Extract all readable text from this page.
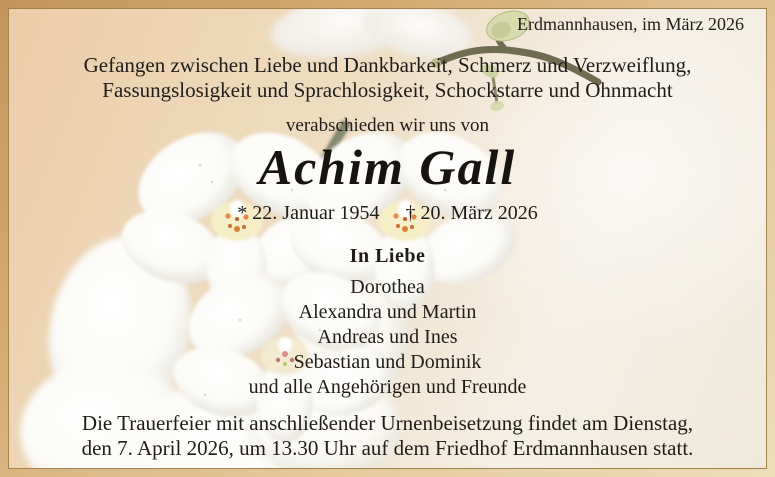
Erdmannhausen, im März 2026
Gefangen zwischen Liebe und Dankbarkeit, Schmerz und Verzweiflung,
Fassungslosigkeit und Sprachlosigkeit, Schockstarre und Ohnmacht
verabschieden wir uns von
Achim Gall
* 22. Januar 1954 † 20. März 2026
In Liebe
Dorothea
Alexandra und Martin
Andreas und Ines
Sebastian und Dominik
und alle Angehörigen und Freunde
Die Trauerfeier mit anschließender Urnenbeisetzung findet am Dienstag,
den 7. April 2026, um 13.30 Uhr auf dem Friedhof Erdmannhausen statt.
